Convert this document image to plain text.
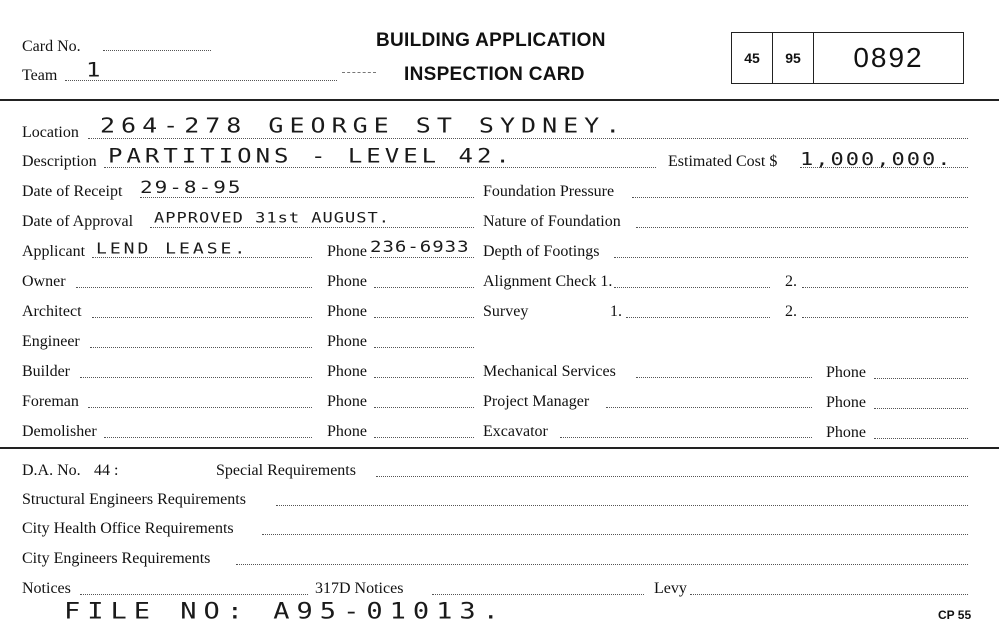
Card No.
Team 1
BUILDING APPLICATION
INSPECTION CARD
45	95	0892
Location 264-278 GEORGE ST SYDNEY.
Description PARTITIONS - LEVEL 42.	Estimated Cost $ 1,000,000.
Date of Receipt 29-8-95	Foundation Pressure
Date of Approval APPROVED 31st AUGUST.	Nature of Foundation
Applicant LEND LEASE.	Phone 236-6933 Depth of Footings
Owner	Phone	Alignment Check 1.	2.
Architect	Phone	Survey	1.	2.
Engineer	Phone
Builder	Phone	Mechanical Services	Phone
Foreman	Phone	Project Manager	Phone
Demolisher	Phone	Excavator	Phone
D.A. No. 44 :	Special Requirements
Structural Engineers Requirements
City Health Office Requirements
City Engineers Requirements
Notices	317D Notices	Levy
FILE NO: A95-01013.	CP 55
